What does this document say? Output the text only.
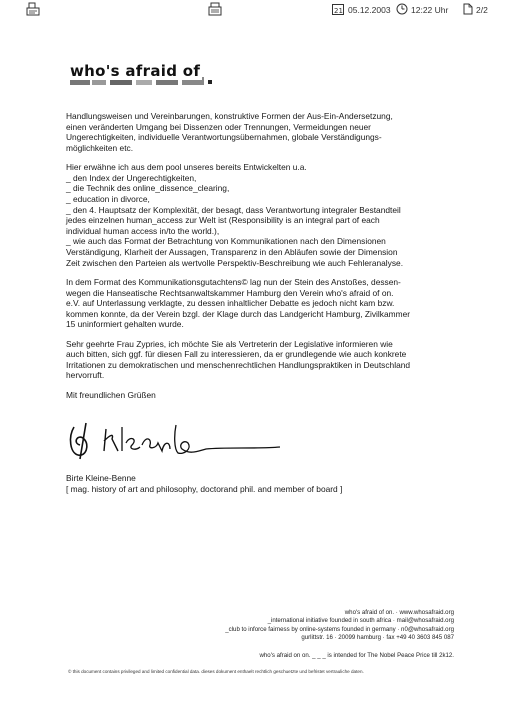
21 05.12.2003 12:22 Uhr	2/2
who's afraid of

Handlungsweisen und Vereinbarungen, konstruktive Formen der Aus-Ein-Andersetzung,
einen veränderten Umgang bei Dissenzen oder Trennungen, Vermeidungen neuer
Ungerechtigkeiten, individuelle Verantwortungsübernahmen, globale Verständigungs-
möglichkeiten etc.

Hier erwähne ich aus dem pool unseres bereits Entwickelten u.a.
_ den Index der Ungerechtigkeiten,
_ die Technik des online_dissence_clearing,
_ education in divorce,
_ den 4. Hauptsatz der Komplexität, der besagt, dass Verantwortung integraler Bestandteil
jedes einzelnen human_access zur Welt ist (Responsibility is an integral part of each
individual human access in/to the world.),
_ wie auch das Format der Betrachtung von Kommunikationen nach den Dimensionen
Verständigung, Klarheit der Aussagen, Transparenz in den Abläufen sowie der Dimension
Zeit zwischen den Parteien als wertvolle Perspektiv-Beschreibung wie auch Fehleranalyse.

In dem Format des Kommunikationsgutachtens© lag nun der Stein des Anstoßes, dessen-
wegen die Hanseatische Rechtsanwaltskammer Hamburg den Verein who's afraid of on.
e.V. auf Unterlassung verklagte, zu dessen inhaltlicher Debatte es jedoch nicht kam bzw.
kommen konnte, da der Verein bzgl. der Klage durch das Landgericht Hamburg, Zivilkammer
15 uninformiert gehalten wurde.

Sehr geehrte Frau Zypries, ich möchte Sie als Vertreterin der Legislative informieren wie
auch bitten, sich ggf. für diesen Fall zu interessieren, da er grundlegende wie auch konkrete
Irritationen zu demokratischen und menschenrechtlichen Handlungspraktiken in Deutschland
hervorruft.

Mit freundlichen Grüßen

Birte Kleine-Benne
[ mag. history of art and philosophy, doctorand phil. and member of board ]
who's afraid of on. · www.whosafraid.org
_international initiative founded in south africa · mail@whosafraid.org
_club to inforce fairness by online-systems founded in germany · n0@whosafraid.org
gurlittstr. 16 · 20099 hamburg · fax +49 40 3603 845 087
who's afraid on on. _ _ _ is intended for The Nobel Peace Price till 2k12.
© this document contains privileged and limited confidential data. dieses dokument enthaelt rechtlich geschuetzte und befristet vertrauliche daten.
